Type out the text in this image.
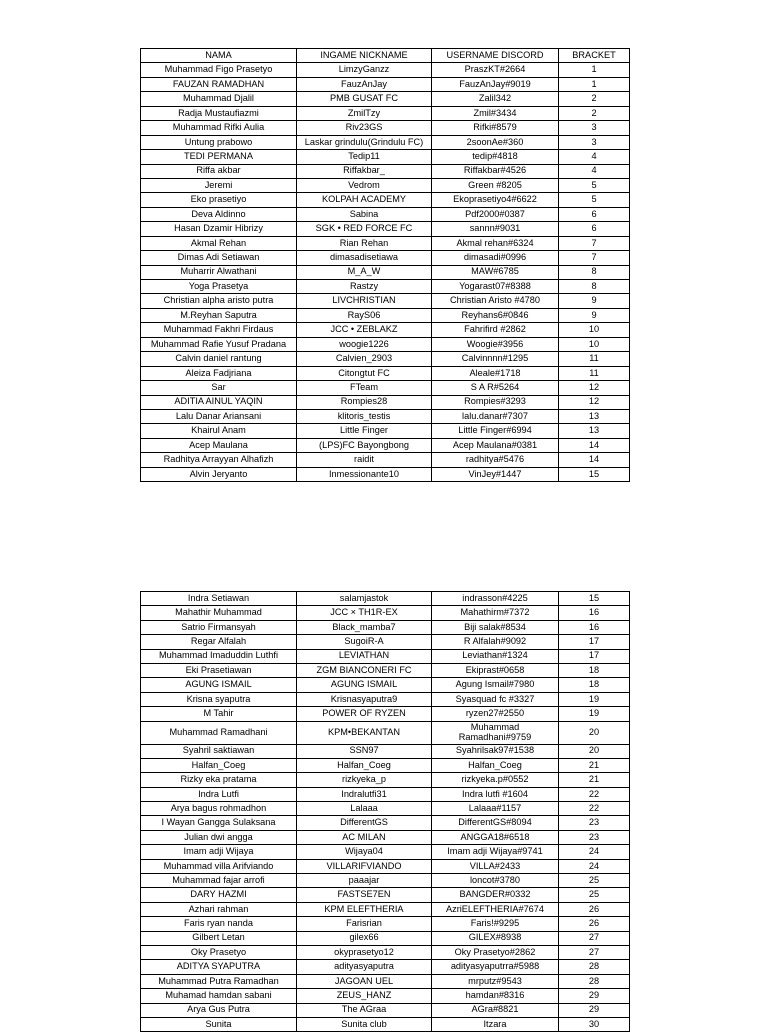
NAMA	INGAME NICKNAME	USERNAME DISCORD	BRACKET
Muhammad Figo Prasetyo	LimzyGanzz	PraszKT#2664	1
FAUZAN RAMADHAN	FauzAnJay	FauzAnJay#9019	1
Muhammad Djalil	PMB GUSAT FC	Zalil342	2
Radja Mustaufiazmi	ZmilTzy	Zmil#3434	2
Muhammad Rifki Aulia	Riv23GS	Rifki#8579	3
Untung prabowo	Laskar grindulu(Grindulu FC)	2soonAe#360	3
TEDI PERMANA	Tedip11	tedip#4818	4
Riffa akbar	Riffakbar_	Riffakbar#4526	4
Jeremi	Vedrom	Green #8205	5
Eko prasetiyo	KOLPAH ACADEMY	Ekoprasetiyo4#6622	5
Deva Aldinno	Sabina	Pdf2000#0387	6
Hasan Dzamir Hibrizy	SGK • RED FORCE FC	sannn#9031	6
Akmal Rehan	Rian Rehan	Akmal rehan#6324	7
Dimas Adi Setiawan	dimasadisetiawa	dimasadi#0996	7
Muharrir Alwathani	M_A_W	MAW#6785	8
Yoga Prasetya	Rastzy	Yogarast07#8388	8
Christian alpha aristo putra	LIVCHRISTIAN	Christian Aristo #4780	9
M.Reyhan Saputra	RayS06	Reyhans6#0846	9
Muhammad Fakhri Firdaus	JCC • ZEBLAKZ	Fahrifird #2862	10
Muhammad Rafie Yusuf Pradana	woogie1226	Woogie#3956	10
Calvin daniel rantung	Calvien_2903	Calvinnnn#1295	11
Aleiza Fadjriana	Citongtut FC	Aleale#1718	11
Sar	FTeam	S A R#5264	12
ADITIA AINUL YAQIN	Rompies28	Rompies#3293	12
Lalu Danar Ariansani	klitoris_testis	lalu.danar#7307	13
Khairul Anam	Little Finger	Little Finger#6994	13
Acep Maulana	(LPS)FC Bayongbong	Acep Maulana#0381	14
Radhitya Arrayyan Alhafizh	raidit	radhitya#5476	14
Alvin Jeryanto	Inmessionante10	VinJey#1447	15
Indra Setiawan	salamjastok	indrasson#4225	15
Mahathir Muhammad	JCC × TH1R-EX	Mahathirm#7372	16
Satrio Firmansyah	Black_mamba7	Biji salak#8534	16
Regar Alfalah	SugoiR-A	R Alfalah#9092	17
Muhammad Imaduddin Luthfi	LEVIATHAN	Leviathan#1324	17
Eki Prasetiawan	ZGM BIANCONERI FC	Ekiprast#0658	18
AGUNG ISMAIL	AGUNG ISMAIL	Agung Ismail#7980	18
Krisna syaputra	Krisnasyaputra9	Syasquad fc #3327	19
M Tahir	POWER OF RYZEN	ryzen27#2550	19
Muhammad Ramadhani	KPM•BEKANTAN	Muhammad Ramadhani#9759	20
Syahril saktiawan	SSN97	Syahrilsak97#1538	20
Halfan_Coeg	Halfan_Coeg	Halfan_Coeg	21
Rizky eka pratama	rizkyeka_p	rizkyeka.p#0552	21
Indra Lutfi	Indralutfi31	Indra lutfi #1604	22
Arya bagus rohmadhon	Lalaaa	Lalaaa#1157	22
I Wayan Gangga Sulaksana	DifferentGS	DifferentGS#8094	23
Julian dwi angga	AC MILAN	ANGGA18#6518	23
Imam adji Wijaya	Wijaya04	Imam adji Wijaya#9741	24
Muhammad villa Arifviando	VILLARIFVIANDO	VILLA#2433	24
Muhammad fajar arrofi	paaajar	loncot#3780	25
DARY HAZMI	FASTSE7EN	BANGDER#0332	25
Azhari rahman	KPM ELEFTHERIA	AzriELEFTHERIA#7674	26
Faris ryan nanda	Farisrian	Faris!#9295	26
Gilbert Letan	gilex66	GILEX#8938	27
Oky Prasetyo	okyprasetyo12	Oky Prasetyo#2862	27
ADITYA SYAPUTRA	adityasyaputra	adityasyaputrra#5988	28
Muhammad Putra Ramadhan	JAGOAN UEL	mrputz#9543	28
Muhamad hamdan sabani	ZEUS_HANZ	hamdan#8316	29
Arya Gus Putra	The AGraa	AGra#8821	29
Sunita	Sunita club	Itzara	30
